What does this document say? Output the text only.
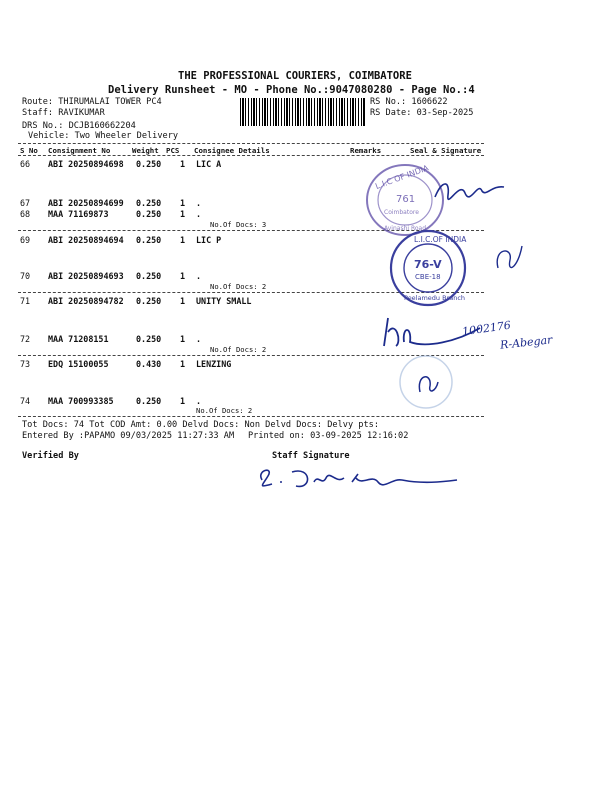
THE PROFESSIONAL COURIERS, COIMBATORE
Delivery Runsheet - MO - Phone No.:9047080280 - Page No.:4
Route: THIRUMALAI TOWER PC4
Staff: RAVIKUMAR
DRS No.: DCJB160662204
Vehicle: Two Wheeler Delivery
RS No.: 1606622
RS Date: 03-Sep-2025
S No Consignment No	Weight PCS Consignee Details	Remarks	Seal & Signature
66 ABI 20250894698 0.250 1 LIC A
67 ABI 20250894699 0.250 1 .
68 MAA 71169873	0.250 1 .
No.Of Docs: 3
69 ABI 20250894694 0.250 1 LIC P
70 ABI 20250894693 0.250 1 .
No.Of Docs: 2
71 ABI 20250894782 0.250 1 UNITY SMALL
72 MAA 71208151	0.250 1 .
No.Of Docs: 2
73 EDQ 15100055	0.430 1 LENZING
74 MAA 700993385	0.250 1 .
No.Of Docs: 2
Tot Docs: 74 Tot COD Amt: 0.00 Delvd Docs: Non Delvd Docs: Delvy pts:
Entered By :PAPAMO 09/03/2025 11:27:33 AM Printed on: 03-09-2025 12:16:02
Verified By	Staff Signature
L.I.C OF INDIA
761
Coimbatore
Avinashi Road
L.I.C.OF INDIA
76-V
CBE-18
Peelamedu Branch
1002176
R-Abegar
